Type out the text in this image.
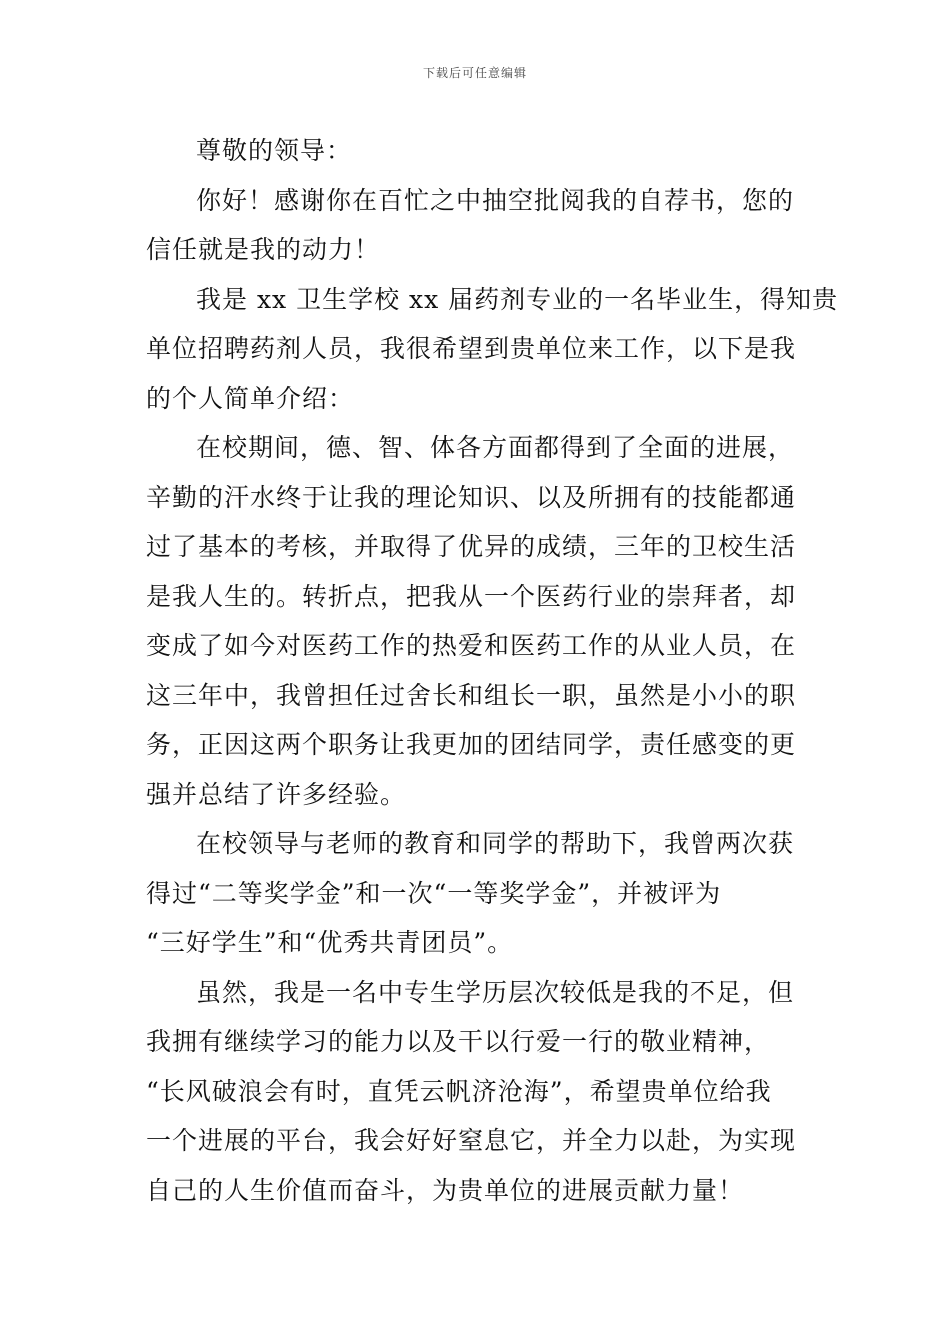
下载后可任意编辑
尊敬的领导：
你好！感谢你在百忙之中抽空批阅我的自荐书，您的
信任就是我的动力！
我是 xx 卫生学校 xx 届药剂专业的一名毕业生，得知贵
单位招聘药剂人员，我很希望到贵单位来工作，以下是我
的个人简单介绍：
在校期间，德、智、体各方面都得到了全面的进展，
辛勤的汗水终于让我的理论知识、以及所拥有的技能都通
过了基本的考核，并取得了优异的成绩，三年的卫校生活
是我人生的。转折点，把我从一个医药行业的崇拜者，却
变成了如今对医药工作的热爱和医药工作的从业人员，在
这三年中，我曾担任过舍长和组长一职，虽然是小小的职
务，正因这两个职务让我更加的团结同学，责任感变的更
强并总结了许多经验。
在校领导与老师的教育和同学的帮助下，我曾两次获
得过“二等奖学金”和一次“一等奖学金”，并被评为
“三好学生”和“优秀共青团员”。
虽然，我是一名中专生学历层次较低是我的不足，但
我拥有继续学习的能力以及干以行爱一行的敬业精神，
“长风破浪会有时，直凭云帆济沧海”，希望贵单位给我
一个进展的平台，我会好好窒息它，并全力以赴，为实现
自己的人生价值而奋斗，为贵单位的进展贡献力量！
